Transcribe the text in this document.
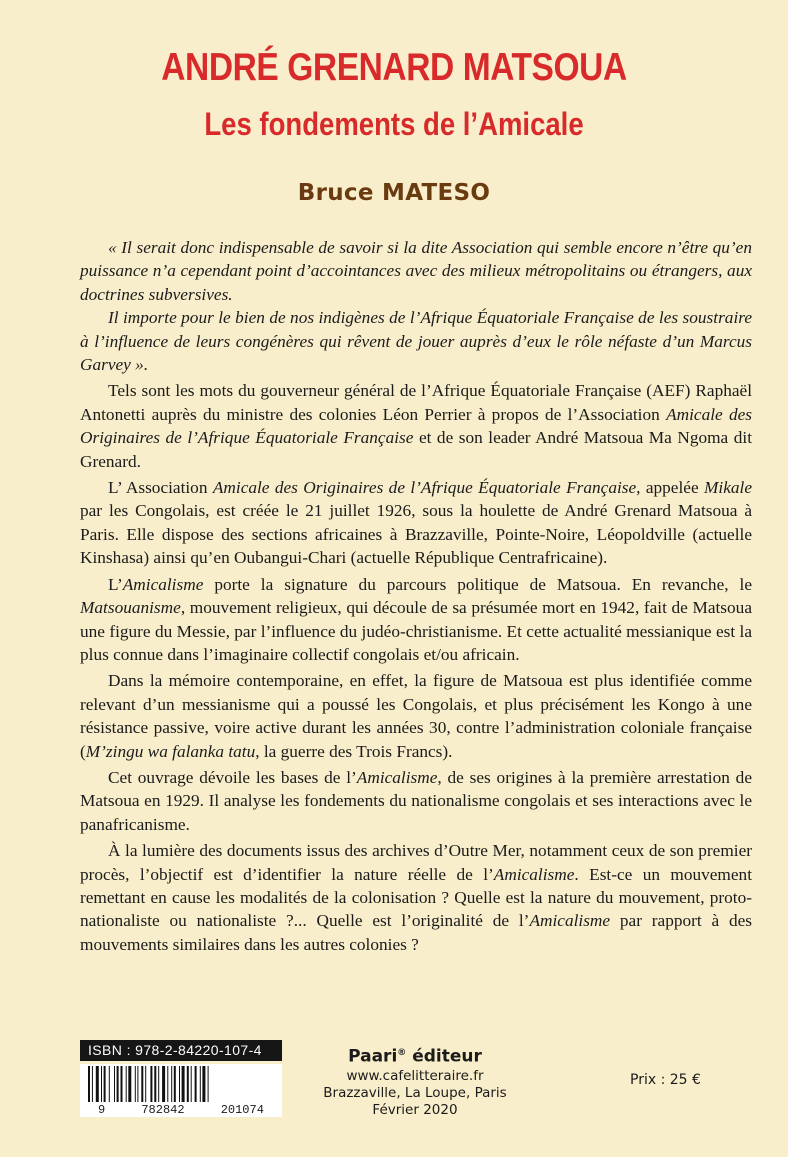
ANDRÉ GRENARD MATSOUA
Les fondements de l’Amicale
Bruce MATESO

« Il serait donc indispensable de savoir si la dite Association qui semble encore n’être qu’en puissance n’a cependant point d’accointances avec des milieux métropolitains ou étrangers, aux doctrines subversives.

Il importe pour le bien de nos indigènes de l’Afrique Équatoriale Française de les soustraire à l’influence de leurs congénères qui rêvent de jouer auprès d’eux le rôle néfaste d’un Marcus Garvey ».

Tels sont les mots du gouverneur général de l’Afrique Équatoriale Française (AEF) Raphaël Antonetti auprès du ministre des colonies Léon Perrier à propos de l’Association Amicale des Originaires de l’Afrique Équatoriale Française et de son leader André Matsoua Ma Ngoma dit Grenard.

L’ Association Amicale des Originaires de l’Afrique Équatoriale Française, appelée Mikale par les Congolais, est créée le 21 juillet 1926, sous la houlette de André Grenard Matsoua à Paris. Elle dispose des sections africaines à Brazzaville, Pointe-Noire, Léopoldville (actuelle Kinshasa) ainsi qu’en Oubangui-Chari (actuelle République Centrafricaine).

L’Amicalisme porte la signature du parcours politique de Matsoua. En revanche, le Matsouanisme, mouvement religieux, qui découle de sa présumée mort en 1942, fait de Matsoua une figure du Messie, par l’influence du judéo-christianisme. Et cette actualité messianique est la plus connue dans l’imaginaire collectif congolais et/ou africain.

Dans la mémoire contemporaine, en effet, la figure de Matsoua est plus identifiée comme relevant d’un messianisme qui a poussé les Congolais, et plus précisément les Kongo à une résistance passive, voire active durant les années 30, contre l’administration coloniale française (M’zingu wa falanka tatu, la guerre des Trois Francs).

Cet ouvrage dévoile les bases de l’Amicalisme, de ses origines à la première arrestation de Matsoua en 1929. Il analyse les fondements du nationalisme congolais et ses interactions avec le panafricanisme.

À la lumière des documents issus des archives d’Outre Mer, notamment ceux de son premier procès, l’objectif est d’identifier la nature réelle de l’Amicalisme. Est-ce un mouvement remettant en cause les modalités de la colonisation ? Quelle est la nature du mouvement, proto-nationaliste ou nationaliste ?... Quelle est l’originalité de l’Amicalisme par rapport à des mouvements similaires dans les autres colonies ?

ISBN : 978-2-84220-107-4
9	782842	201074
Paari® éditeur
www.cafelitteraire.fr
Brazzaville, La Loupe, Paris
Février 2020
Prix : 25 €
